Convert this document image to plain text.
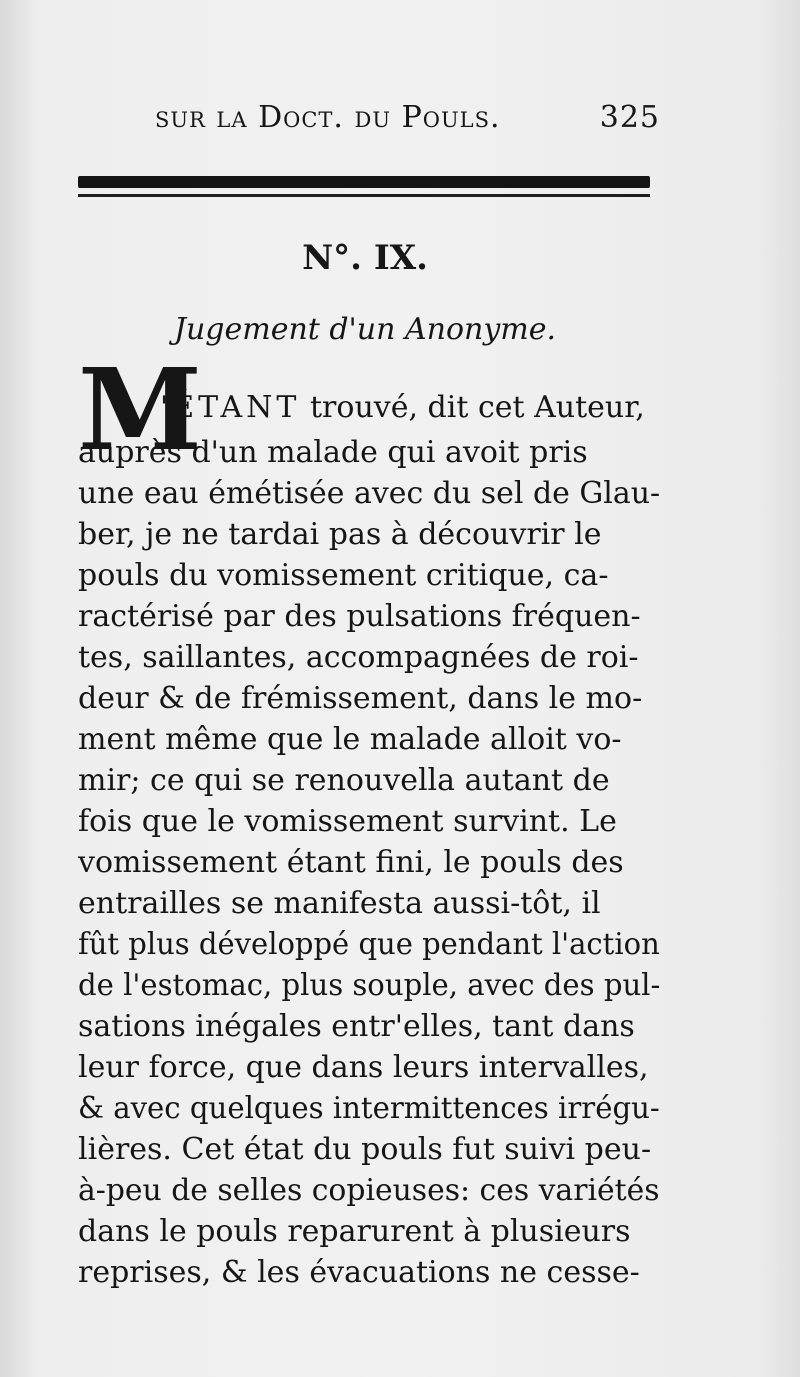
sur la Doct. du Pouls.	325
N°. IX.
Jugement d'un Anonyme.
M
'ÉTANT trouvé, dit cet Auteur,
auprès d'un malade qui avoit pris
une eau émétisée avec du sel de Glau-
ber, je ne tardai pas à découvrir le
pouls du vomissement critique, ca-
ractérisé par des pulsations fréquen-
tes, saillantes, accompagnées de roi-
deur & de frémissement, dans le mo-
ment même que le malade alloit vo-
mir; ce qui se renouvella autant de
fois que le vomissement survint. Le
vomissement étant fini, le pouls des
entrailles se manifesta aussi-tôt, il
fût plus développé que pendant l'action
de l'estomac, plus souple, avec des pul-
sations inégales entr'elles, tant dans
leur force, que dans leurs intervalles,
& avec quelques intermittences irrégu-
lières. Cet état du pouls fut suivi peu-
à-peu de selles copieuses: ces variétés
dans le pouls reparurent à plusieurs
reprises, & les évacuations ne cesse-
